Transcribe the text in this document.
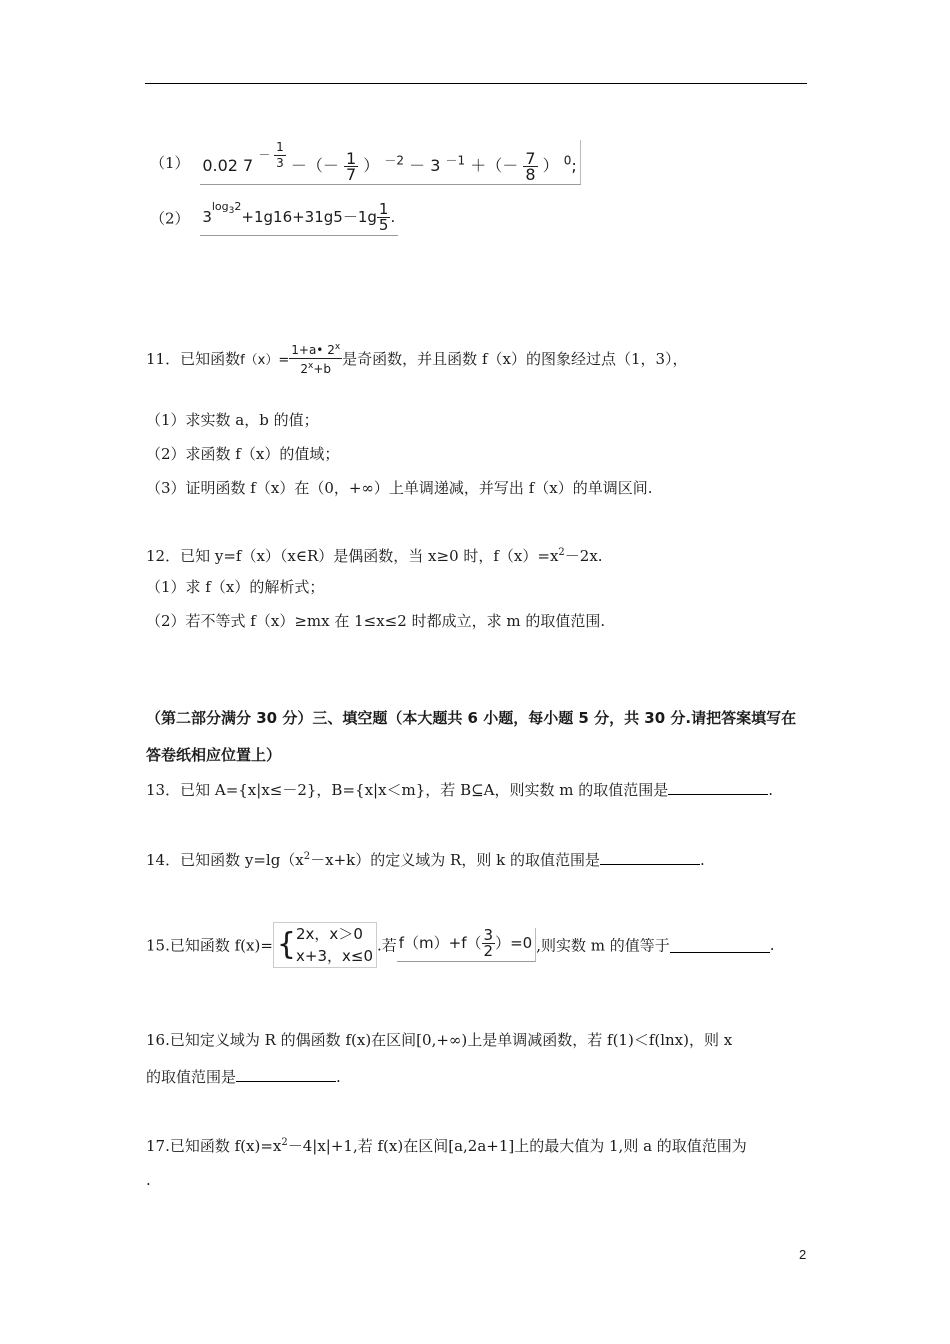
（1） 0.02 $7 - \frac{1}{3}$ －（－ $\frac{1}{7}$ ） $^{-2}$ － 3 $^{-1}$ ＋（－ $\frac{7}{8}$ ） $^0$;
（2） $3\log_32+1g16+31g5-1g \frac{1}{5}$ .
11．已知函数$f(x)= \frac{1+a• 2^x}{2^x+b}$ 是奇函数，并且函数 f（x）的图象经过点（1，3），
（1）求实数 a，b 的值；
（2）求函数 f（x）的值域；
（3）证明函数 f（x）在（0，+∞）上单调递减，并写出 f（x）的单调区间.
12．已知 y=f（x）（x∈R）是偶函数，当 x≥0 时，$f(x)=x^2-2x$.
（1）求 f（x）的解析式；
（2）若不等式 f（x）≥mx 在 1≤x≤2 时都成立，求 m 的取值范围.
（第二部分满分 30 分）三、填空题（本大题共 6 小题，每小题 5 分，共 30 分.请把答案填写在
答卷纸相应位置上）
13．已知 A={x|x≤－2}，B={x|x＜m}，若 B⊆A，则实数 m 的取值范围是	.
14．已知函数 $y=\lg(x^2-x+k)$的定义域为 R，则 k 的取值范围是	.
15.已知函数 f(x)= { 2x，x＞0
x+3，x≤0
.若 $f(m)+f( \frac{3}{2} )=0$ ,则实数 m 的值等于	.
16.已知定义域为 R 的偶函数 f(x)在区间[0,+∞)上是单调减函数，若 f(1)＜f(lnx)，则 x
的取值范围是	.
17.已知函数 $f(x)=x^2-4|x|+1$,若 f(x)在区间[a,2a+1]上的最大值为 1,则 a 的取值范围为
.
2
